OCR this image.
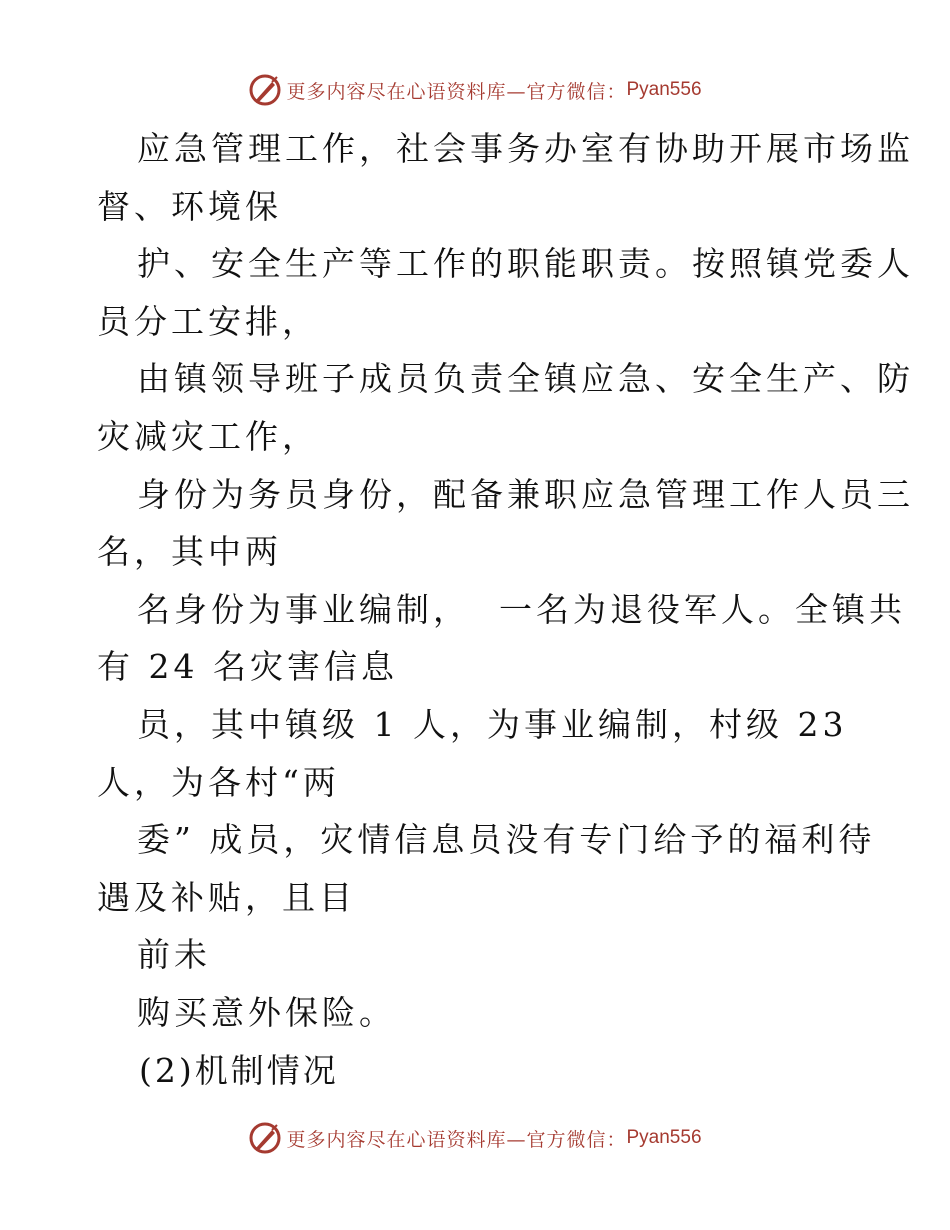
更多内容尽在心语资料库—官方微信： Pyan556

应急管理工作，社会事务办室有协助开展市场监
督、环境保

护、安全生产等工作的职能职责。按照镇党委人
员分工安排，

由镇领导班子成员负责全镇应急、安全生产、防
灾减灾工作，

身份为务员身份，配备兼职应急管理工作人员三
名，其中两

名身份为事业编制，  一名为退役军人。全镇共
有 24 名灾害信息

员，其中镇级 1 人，为事业编制，村级 23
人，为各村“两

委” 成员，灾情信息员没有专门给予的福利待
遇及补贴，且目

前未

购买意外保险。

(2)机制情况

更多内容尽在心语资料库—官方微信： Pyan556
